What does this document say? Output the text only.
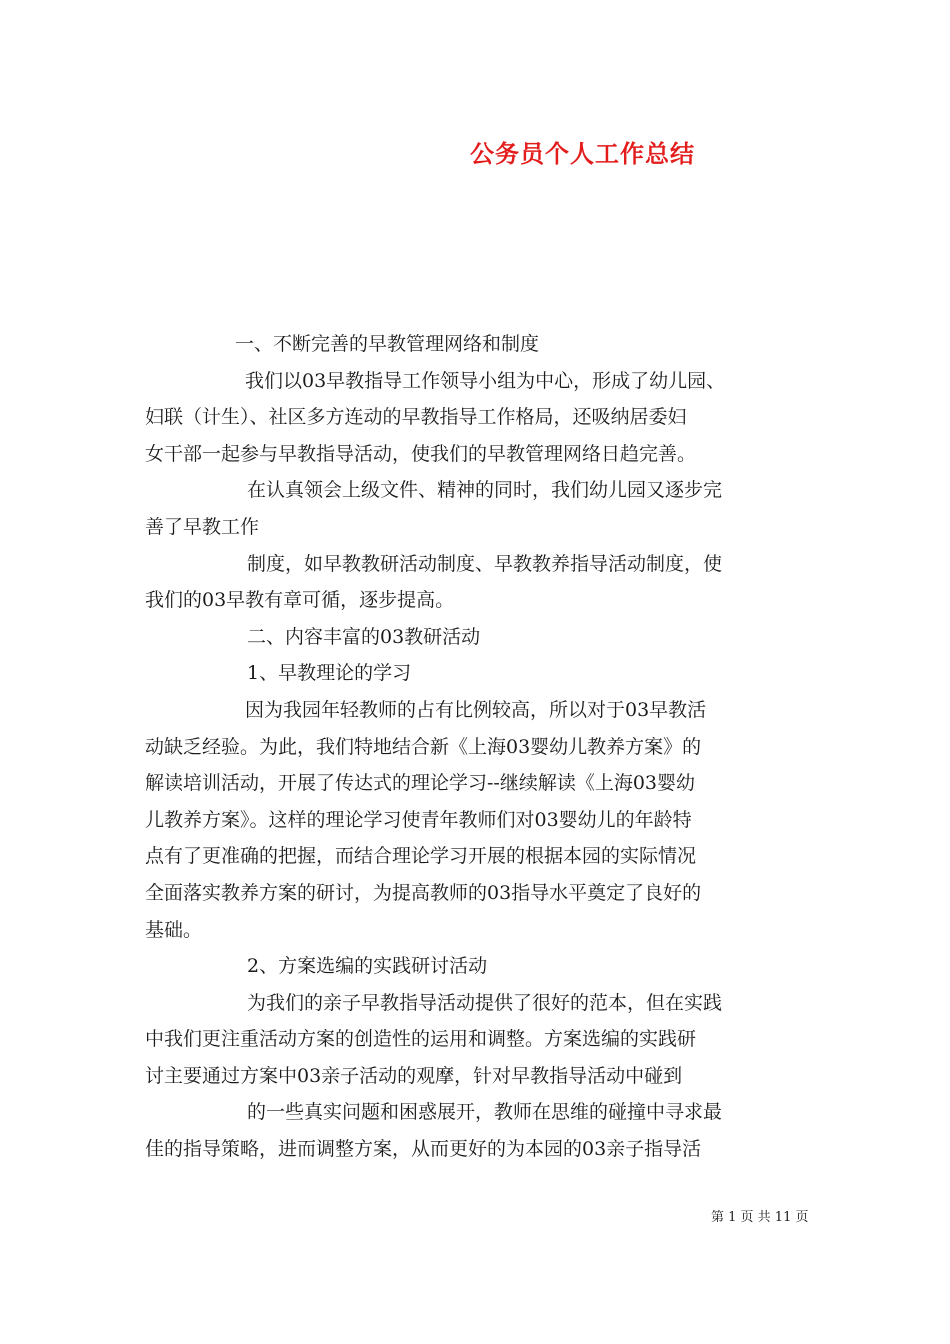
公务员个人工作总结
一、不断完善的早教管理网络和制度
我们以03早教指导工作领导小组为中心，形成了幼儿园、
妇联（计生）、社区多方连动的早教指导工作格局，还吸纳居委妇
女干部一起参与早教指导活动，使我们的早教管理网络日趋完善。
在认真领会上级文件、精神的同时，我们幼儿园又逐步完
善了早教工作
制度，如早教教研活动制度、早教教养指导活动制度，使
我们的03早教有章可循，逐步提高。
二、内容丰富的03教研活动
1、早教理论的学习
因为我园年轻教师的占有比例较高，所以对于03早教活
动缺乏经验。为此，我们特地结合新《上海03婴幼儿教养方案》的
解读培训活动，开展了传达式的理论学习--继续解读《上海03婴幼
儿教养方案》。这样的理论学习使青年教师们对03婴幼儿的年龄特
点有了更准确的把握，而结合理论学习开展的根据本园的实际情况
全面落实教养方案的研讨，为提高教师的03指导水平奠定了良好的
基础。
2、方案选编的实践研讨活动
为我们的亲子早教指导活动提供了很好的范本，但在实践
中我们更注重活动方案的创造性的运用和调整。方案选编的实践研
讨主要通过方案中03亲子活动的观摩，针对早教指导活动中碰到
的一些真实问题和困惑展开，教师在思维的碰撞中寻求最
佳的指导策略，进而调整方案，从而更好的为本园的03亲子指导活
第 1 页 共 11 页
